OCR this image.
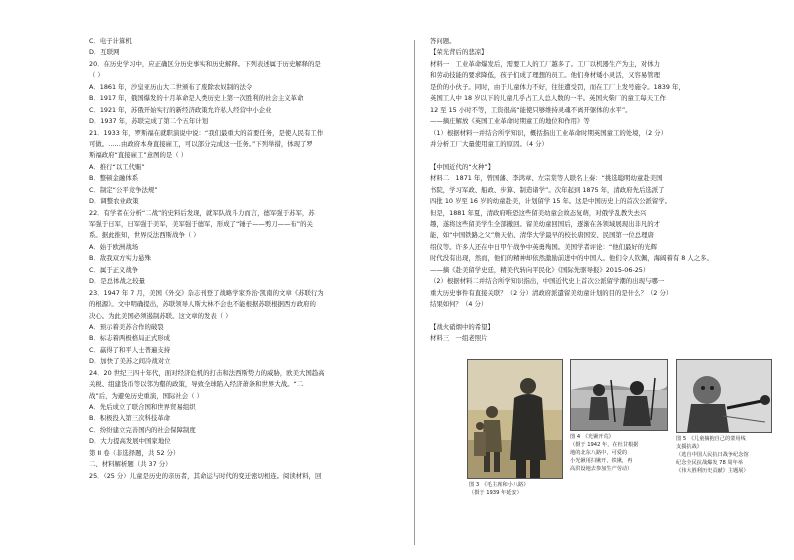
C．电子计算机
D．互联网
20．在历史学习中，应正确区分历史事实和历史解释。下列表述属于历史解释的是
（ ）
A．1861 年，沙皇亚历山大二世颁布了废除农奴制的法令
B．1917 年，俄国爆发的十月革命是人类历史上第一次胜利的社会主义革命
C．1921 年，苏俄开始实行的新经济政策允许私人经营中小企业
D．1937 年，苏联完成了第二个五年计划
21．1933 年，罗斯福在就职演说中说：“我们最重大的首要任务，是使人民有工作
可做。……由政府本身直接雇工，可以部分完成这一任务。”下列举措，体现了罗
斯福政府“直接雇工”意图的是（ ）
A．推行“以工代赈”
B．整顿金融体系
C．制定“公平竞争法规”
D．调整农业政策
22．有学者在分析“二战”的史料后发现，就军队战斗力而言，德军强于苏军，苏
军强于日军，日军强于美军，美军强于德军，形成了“锤子——剪刀——布”的关
系。据此推知，世界反法西斯战争（ ）
A．始于欧洲战场
B．敌我双方实力悬殊
C．属于正义战争
D．是总体战之较量
23．1947 年 7 月，美国《外交》杂志刊登了战略学家乔治·凯南的文章《苏联行为
的根源》。文中明确提出，苏联领导人斯大林不会也不能根据苏联根据西方政府的
决心。为此美国必须遏制苏联。这文章的发表（ ）
A．预示着美苏合作的破裂
B．标志着两极格局正式形成
C．赢得了和平人士普遍支持
D．加快了美苏之间冷战对立
24．20 世纪三四十年代，面对经济危机的打击和法西斯势力的威胁，欧美大国趋高
关税、组建货币等以邻为壑的政策，导致全球陷入经济萧条和世界大战。“二
战”后，为避免历史重演，国际社会（ ）
A．先后成立了联合国和世界贸易组织
B．积极投入第三次科技革命
C．纷纷建立完善国内的社会保障制度
D．大力提高发展中国家地位
第 II 卷（非选择题，共 52 分）
二、材料解析题（共 37 分）
25．（25 分）儿童是历史的亲历者，其命运与时代的变迁密切相连。阅读材料，回
答问题。
【荣光背后的悲凉】
材料一　工业革命爆发后，需要工人的工厂越多了。工厂以机器生产为主，对体力
和劳动技能的要求降低，孩子们成了理想的员工。他们身材矮小灵活，又容易管理
是价的小伙子。同时，由于儿童体力不好，往往遭受罚，而在工厂上发号施令。1839 年，
英国工人中 18 岁以下的儿童几乎占工人总人数的一半。英国火柴厂的童工每天工作
12 至 15 小时不等，工资很高“能使只够维持灵魂不离开躯体的水平”。
——摘庄解放《英国工业革命时期童工的地位和作用》等
（1）根据材料一并结合所学知识，概括指出工业革命时期英国童工的处境，（2 分）
并分析工厂大量使用童工的原因。（4 分）
【中国近代的“火种”】
材料二　1871 年，曾国藩、李鸿章、左宗棠等人联名上奏：“挑选聪明幼童赴美国
书院，学习军政、船政、步算、制造诸学”。次年起到 1875 年，清政府先后选派了
四批 10 岁至 16 岁的幼童赴美，计划留学 15 年。这是中国历史上的首次公派留学。
但是，1881 年夏，清政府唯恐这些留美幼童会故态复萌，对俄学乱教失去兴
趣，遂将这些留美学生全部撤回。留美幼童回国后，逐渐在各领域展现出非凡的才
能，如“中国铁路之父”詹天佑、清华大学最早的校长唐国安、民国第一位总理唐
绍仪等。许多人还在中日甲午战争中英勇殉国。美国学者评论：“他们最好的光辉
时代没有出现，然而，他们的精神却依然激励前进中的中国人。他们令人钦佩，海阔着有 8 人之多。
——摘《赴美留学史廷，精美代转向平民化》《国际先驱导报》2015-06-25）
（2）根据材料二并结合所学知识指出，中国近代史上首次公派留学潮的出现与哪一
重大历史事件有直接关联？（2 分）清政府派遣留美幼童计划的目的是什么？（2 分）
结果如何？（4 分）
【战火硝烟中的希望】
材料三　一组老照片
图 3　《毛主席和小八路》
（摄于 1939 年延安）
图 4　《光锹开荒》
（摄于 1942 年，在杜甘根据
地的北东八路中，可爱的
小光锹用扫锹开，铁锹，再
高洪设地去参加生产劳动）
图 5　《儿童摘抱自己的蒙用线
支援抗战》
（选自中国人民抗日战争纪念馆
纪念全民抗战爆发 78 周年举
《伟大胜利历史贡献》主题展）
